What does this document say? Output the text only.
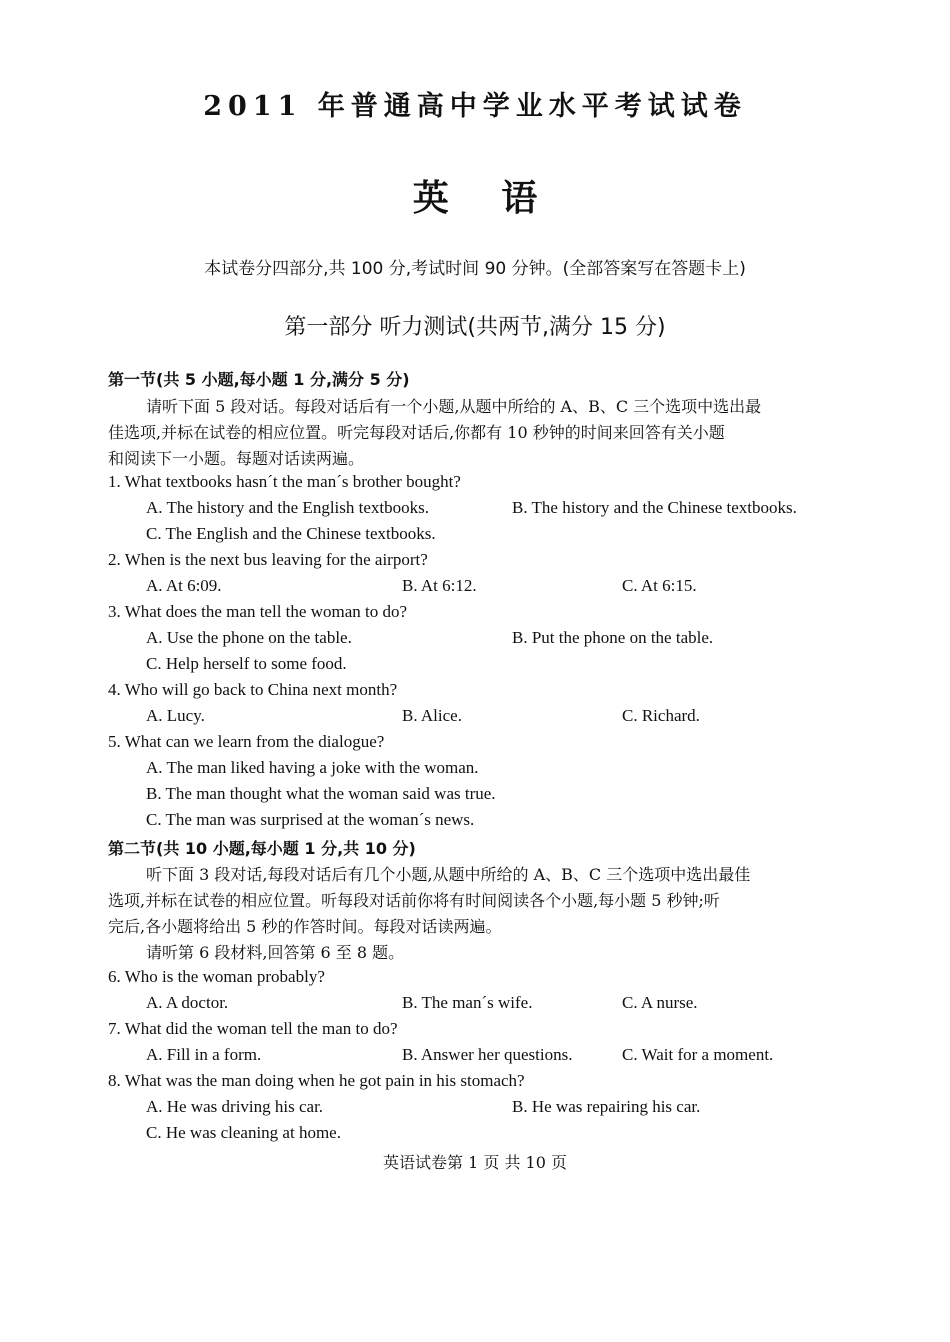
2011 年普通高中学业水平考试试卷
英 语
本试卷分四部分,共 100 分,考试时间 90 分钟。(全部答案写在答题卡上)
第一部分 听力测试(共两节,满分 15 分)
第一节(共 5 小题,每小题 1 分,满分 5 分)
请听下面 5 段对话。每段对话后有一个小题,从题中所给的 A、B、C 三个选项中选出最
佳选项,并标在试卷的相应位置。听完每段对话后,你都有 10 秒钟的时间来回答有关小题
和阅读下一小题。每题对话读两遍。
1. What textbooks hasn´t the man´s brother bought?
A. The history and the English textbooks.	B. The history and the Chinese textbooks.
C. The English and the Chinese textbooks.
2. When is the next bus leaving for the airport?
A. At 6:09.	B. At 6:12.	C. At 6:15.
3. What does the man tell the woman to do?
A. Use the phone on the table.	B. Put the phone on the table.
C. Help herself to some food.
4. Who will go back to China next month?
A. Lucy.	B. Alice.	C. Richard.
5. What can we learn from the dialogue?
A. The man liked having a joke with the woman.
B. The man thought what the woman said was true.
C. The man was surprised at the woman´s news.
第二节(共 10 小题,每小题 1 分,共 10 分)
听下面 3 段对话,每段对话后有几个小题,从题中所给的 A、B、C 三个选项中选出最佳
选项,并标在试卷的相应位置。听每段对话前你将有时间阅读各个小题,每小题 5 秒钟;听
完后,各小题将给出 5 秒的作答时间。每段对话读两遍。
请听第 6 段材料,回答第 6 至 8 题。
6. Who is the woman probably?
A. A doctor.	B. The man´s wife.	C. A nurse.
7. What did the woman tell the man to do?
A. Fill in a form.	B. Answer her questions.	C. Wait for a moment.
8. What was the man doing when he got pain in his stomach?
A. He was driving his car.	B. He was repairing his car.
C. He was cleaning at home.
英语试卷第 1 页 共 10 页
